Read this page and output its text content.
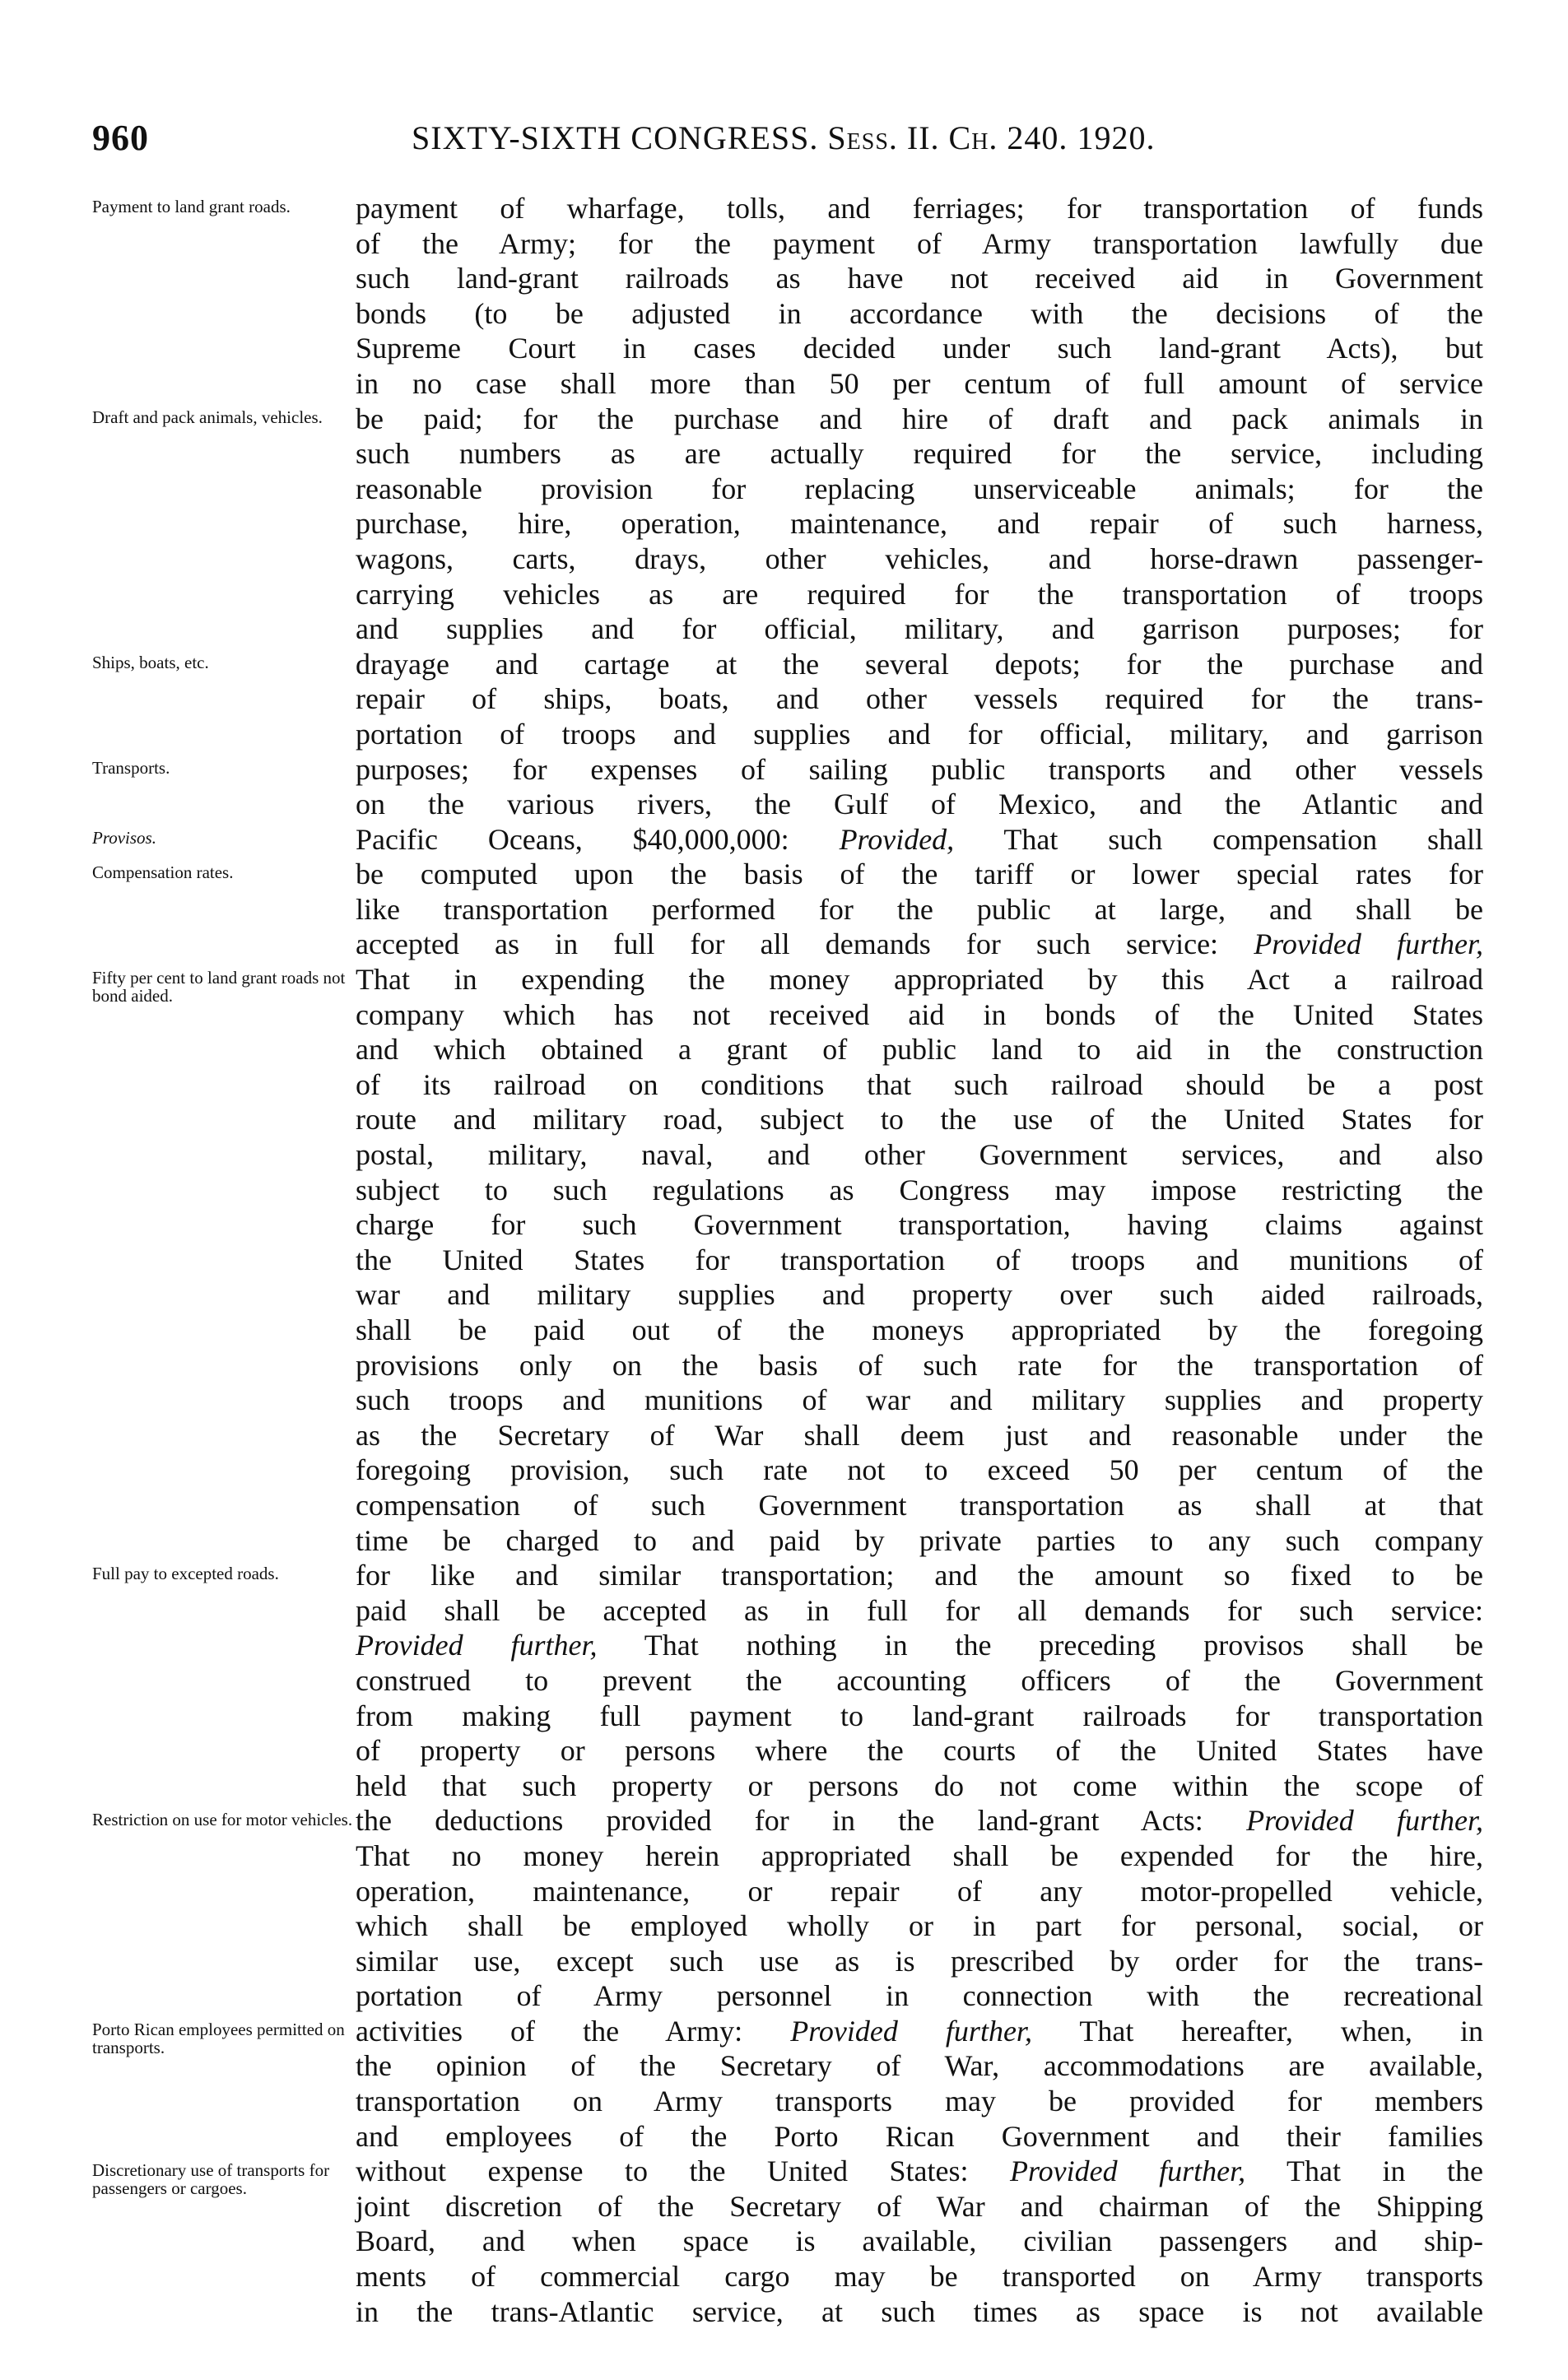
960	SIXTY-SIXTH CONGRESS. Sess. II. Ch. 240. 1920.
Payment to land grant roads.
Draft and pack animals, vehicles.
Ships, boats, etc.
Transports.
Provisos.
Compensation rates.
Fifty per cent to land grant roads not bond aided.
Full pay to excepted roads.
Restriction on use for motor vehicles.
Porto Rican employees permitted on transports.
Discretionary use of transports for passengers or cargoes.
payment of wharfage, tolls, and ferriages; for transportation of funds
of the Army; for the payment of Army transportation lawfully due
such land-grant railroads as have not received aid in Government
bonds (to be adjusted in accordance with the decisions of the
Supreme Court in cases decided under such land-grant Acts), but
in no case shall more than 50 per centum of full amount of service
be paid; for the purchase and hire of draft and pack animals in
such numbers as are actually required for the service, including
reasonable provision for replacing unserviceable animals; for the
purchase, hire, operation, maintenance, and repair of such harness,
wagons, carts, drays, other vehicles, and horse-drawn passenger-
carrying vehicles as are required for the transportation of troops
and supplies and for official, military, and garrison purposes; for
drayage and cartage at the several depots; for the purchase and
repair of ships, boats, and other vessels required for the trans-
portation of troops and supplies and for official, military, and garrison
purposes; for expenses of sailing public transports and other vessels
on the various rivers, the Gulf of Mexico, and the Atlantic and
Pacific Oceans, $40,000,000: Provided, That such compensation shall
be computed upon the basis of the tariff or lower special rates for
like transportation performed for the public at large, and shall be
accepted as in full for all demands for such service: Provided further,
That in expending the money appropriated by this Act a railroad
company which has not received aid in bonds of the United States
and which obtained a grant of public land to aid in the construction
of its railroad on conditions that such railroad should be a post
route and military road, subject to the use of the United States for
postal, military, naval, and other Government services, and also
subject to such regulations as Congress may impose restricting the
charge for such Government transportation, having claims against
the United States for transportation of troops and munitions of
war and military supplies and property over such aided railroads,
shall be paid out of the moneys appropriated by the foregoing
provisions only on the basis of such rate for the transportation of
such troops and munitions of war and military supplies and property
as the Secretary of War shall deem just and reasonable under the
foregoing provision, such rate not to exceed 50 per centum of the
compensation of such Government transportation as shall at that
time be charged to and paid by private parties to any such company
for like and similar transportation; and the amount so fixed to be
paid shall be accepted as in full for all demands for such service:
Provided further, That nothing in the preceding provisos shall be
construed to prevent the accounting officers of the Government
from making full payment to land-grant railroads for transportation
of property or persons where the courts of the United States have
held that such property or persons do not come within the scope of
the deductions provided for in the land-grant Acts: Provided further,
That no money herein appropriated shall be expended for the hire,
operation, maintenance, or repair of any motor-propelled vehicle,
which shall be employed wholly or in part for personal, social, or
similar use, except such use as is prescribed by order for the trans-
portation of Army personnel in connection with the recreational
activities of the Army: Provided further, That hereafter, when, in
the opinion of the Secretary of War, accommodations are available,
transportation on Army transports may be provided for members
and employees of the Porto Rican Government and their families
without expense to the United States: Provided further, That in the
joint discretion of the Secretary of War and chairman of the Shipping
Board, and when space is available, civilian passengers and ship-
ments of commercial cargo may be transported on Army transports
in the trans-Atlantic service, at such times as space is not available
